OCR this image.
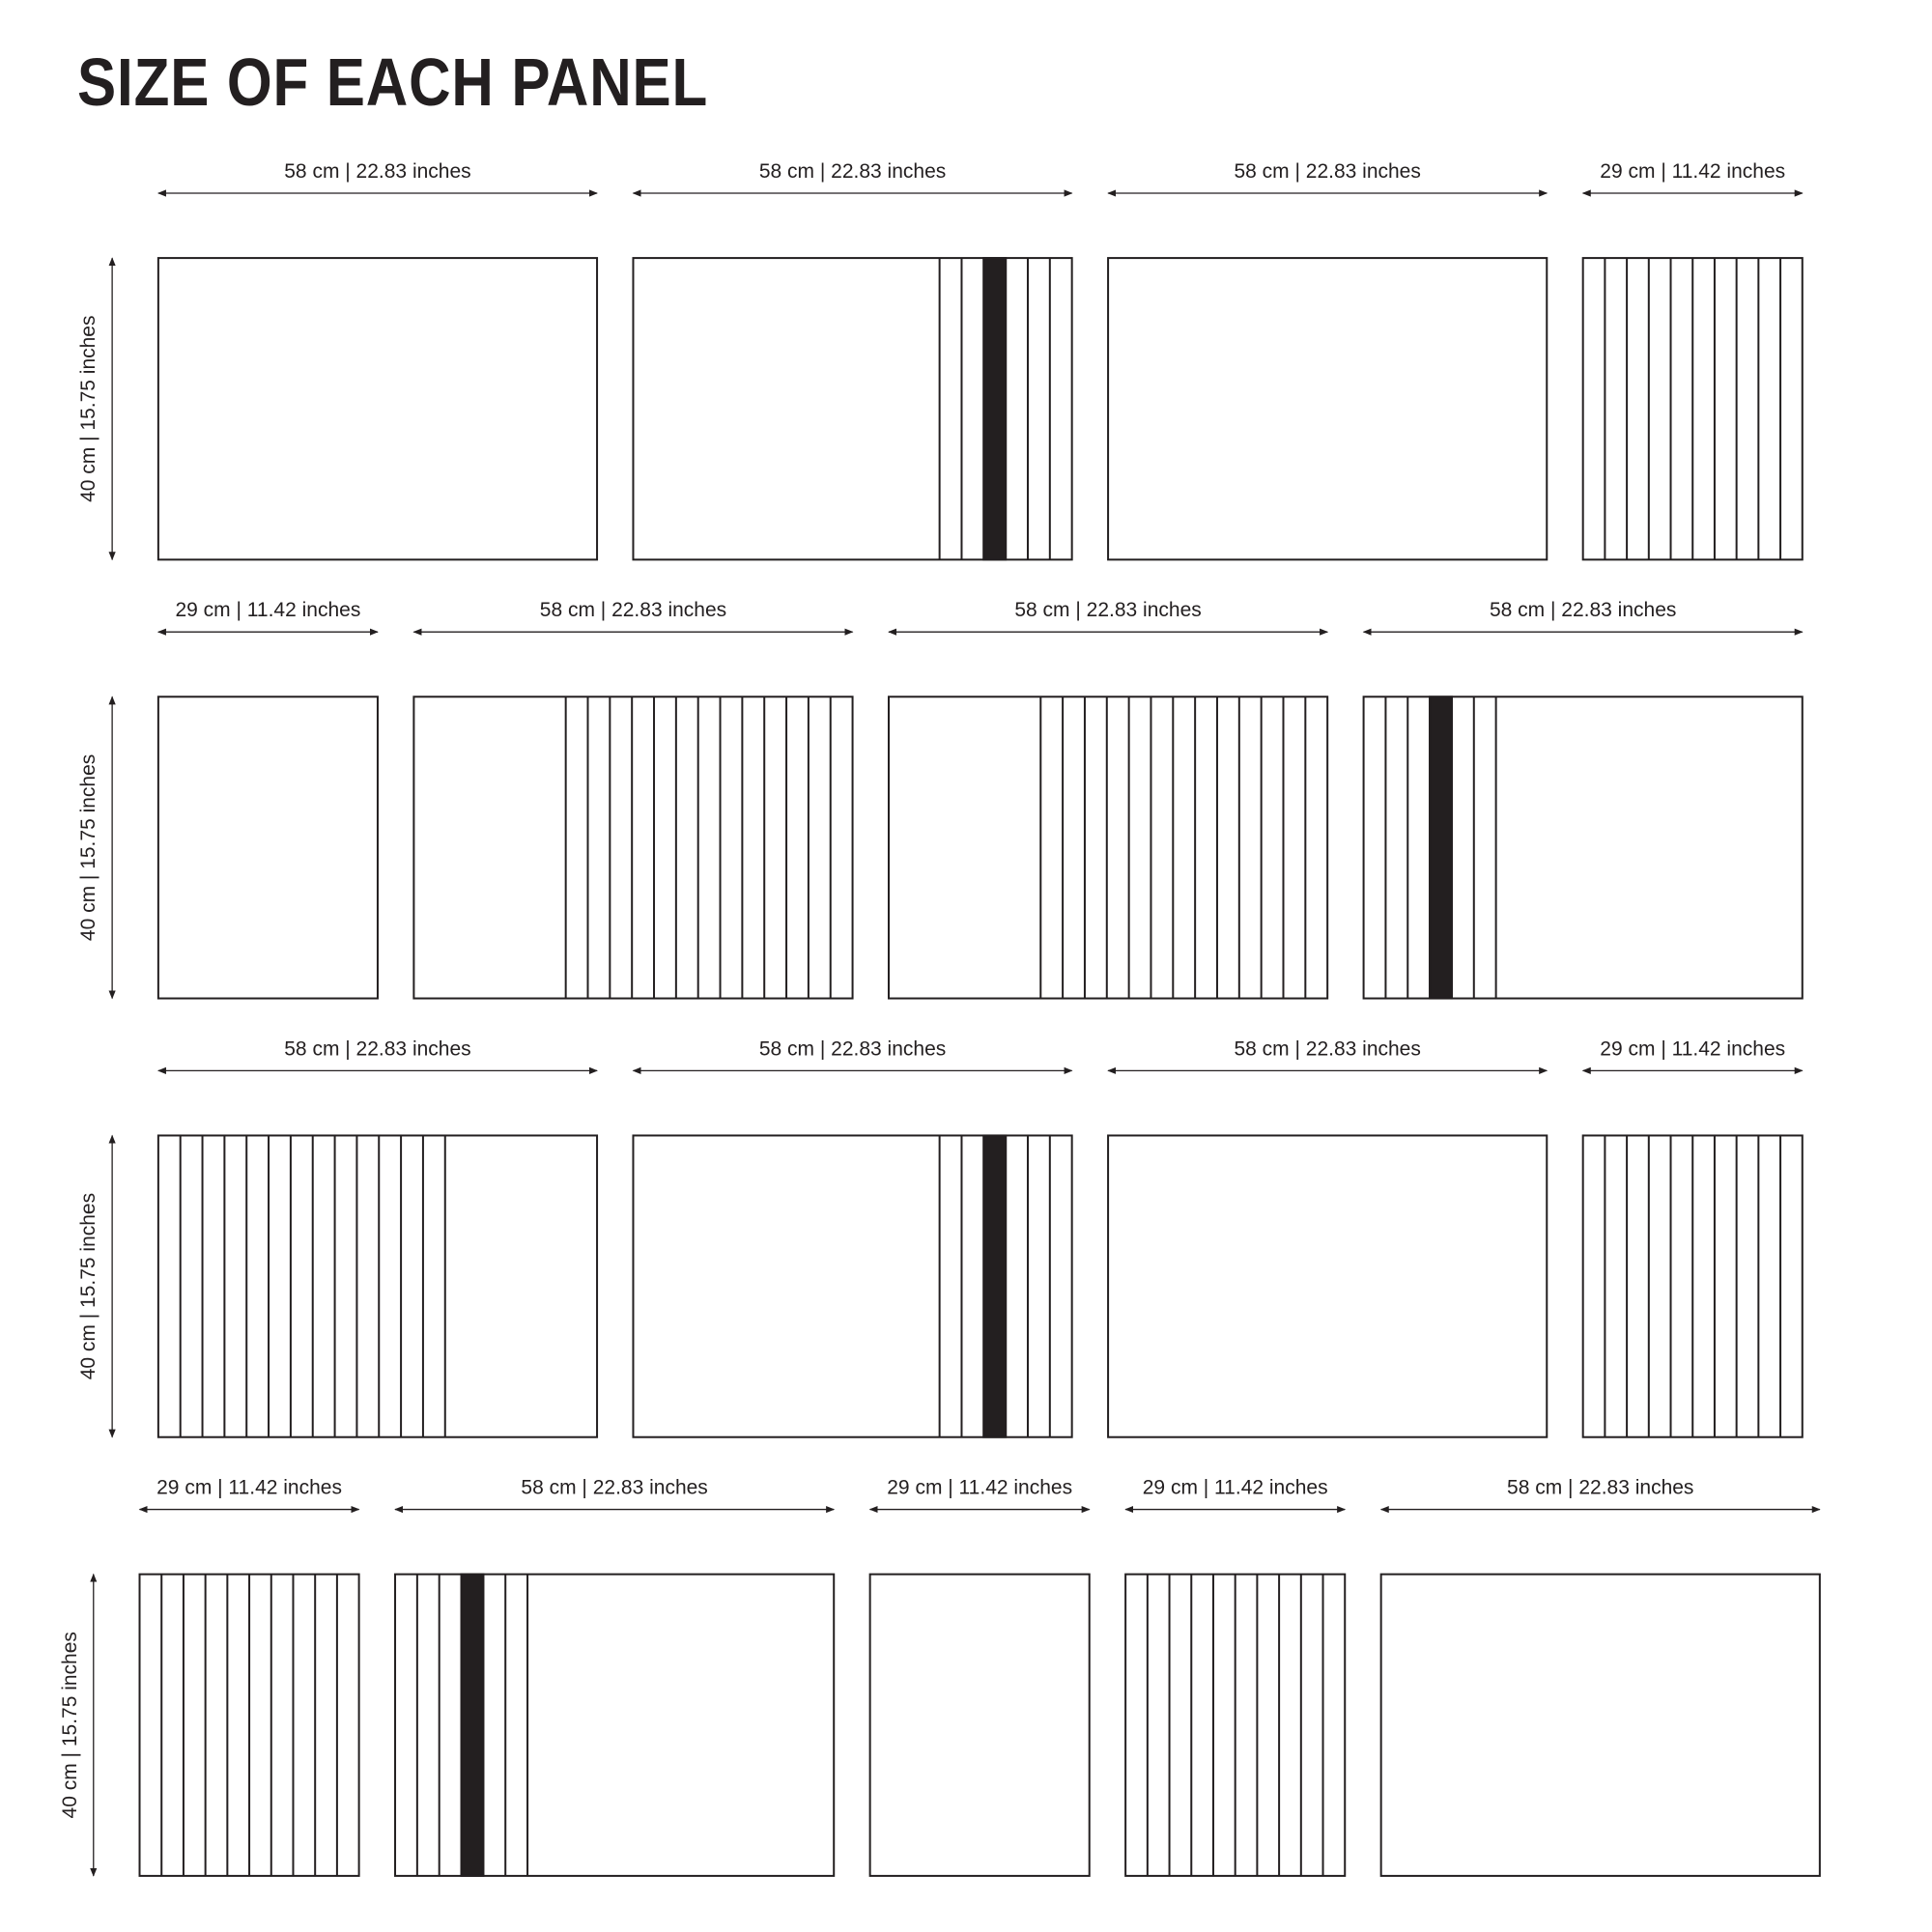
SIZE OF EACH PANEL
40 cm | 15.75 inches
58 cm | 22.83 inches	58 cm | 22.83 inches	58 cm | 22.83 inches	29 cm | 11.42 inches
40 cm | 15.75 inches
29 cm | 11.42 inches	58 cm | 22.83 inches	58 cm | 22.83 inches	58 cm | 22.83 inches
40 cm | 15.75 inches
58 cm | 22.83 inches	58 cm | 22.83 inches	58 cm | 22.83 inches	29 cm | 11.42 inches
40 cm | 15.75 inches
29 cm | 11.42 inches	58 cm | 22.83 inches	29 cm | 11.42 inches	29 cm | 11.42 inches	58 cm | 22.83 inches
